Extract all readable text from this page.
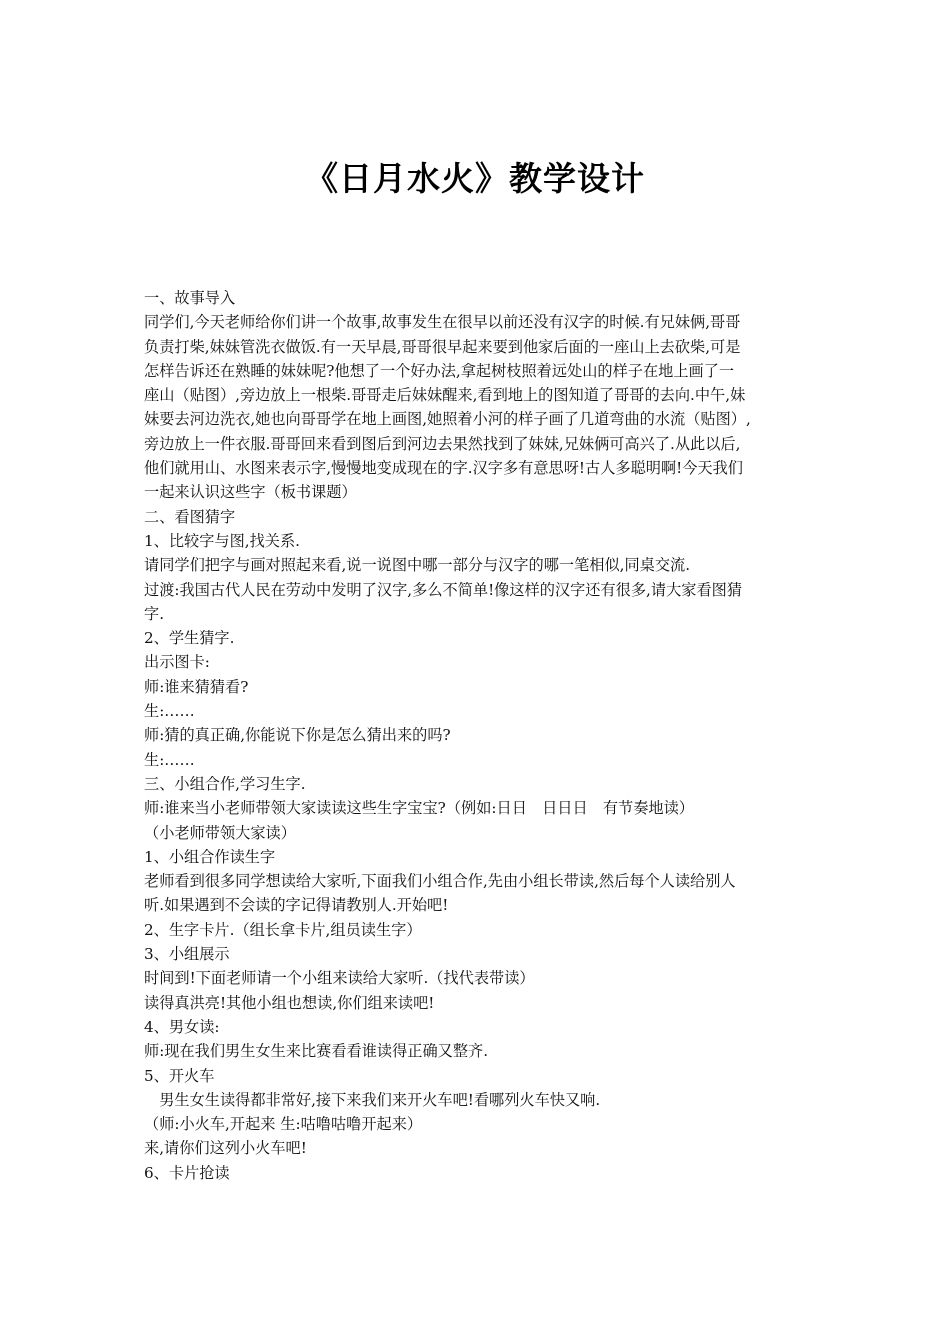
《日月水火》教学设计
一、故事导入
同学们,今天老师给你们讲一个故事,故事发生在很早以前还没有汉字的时候.有兄妹俩,哥哥
负责打柴,妹妹管洗衣做饭.有一天早晨,哥哥很早起来要到他家后面的一座山上去砍柴,可是
怎样告诉还在熟睡的妹妹呢?他想了一个好办法,拿起树枝照着远处山的样子在地上画了一
座山（贴图）,旁边放上一根柴.哥哥走后妹妹醒来,看到地上的图知道了哥哥的去向.中午,妹
妹要去河边洗衣,她也向哥哥学在地上画图,她照着小河的样子画了几道弯曲的水流（贴图）,
旁边放上一件衣服.哥哥回来看到图后到河边去果然找到了妹妹,兄妹俩可高兴了.从此以后,
他们就用山、水图来表示字,慢慢地变成现在的字.汉字多有意思呀!古人多聪明啊!今天我们
一起来认识这些字（板书课题）
二、看图猜字
1、比较字与图,找关系.
请同学们把字与画对照起来看,说一说图中哪一部分与汉字的哪一笔相似,同桌交流.
过渡:我国古代人民在劳动中发明了汉字,多么不简单!像这样的汉字还有很多,请大家看图猜
字.
2、学生猜字.
出示图卡:
师:谁来猜猜看?
生:……
师:猜的真正确,你能说下你是怎么猜出来的吗?
生:……
三、小组合作,学习生字.
师:谁来当小老师带领大家读读这些生字宝宝?（例如:日日　日日日　有节奏地读）
（小老师带领大家读）
1、小组合作读生字
老师看到很多同学想读给大家听,下面我们小组合作,先由小组长带读,然后每个人读给别人
听.如果遇到不会读的字记得请教别人.开始吧!
2、生字卡片.（组长拿卡片,组员读生字）
3、小组展示
时间到!下面老师请一个小组来读给大家听.（找代表带读）
读得真洪亮!其他小组也想读,你们组来读吧!
4、男女读:
师:现在我们男生女生来比赛看看谁读得正确又整齐.
5、开火车
　男生女生读得都非常好,接下来我们来开火车吧!看哪列火车快又响.
（师:小火车,开起来 生:咕噜咕噜开起来）
来,请你们这列小火车吧!
6、卡片抢读
